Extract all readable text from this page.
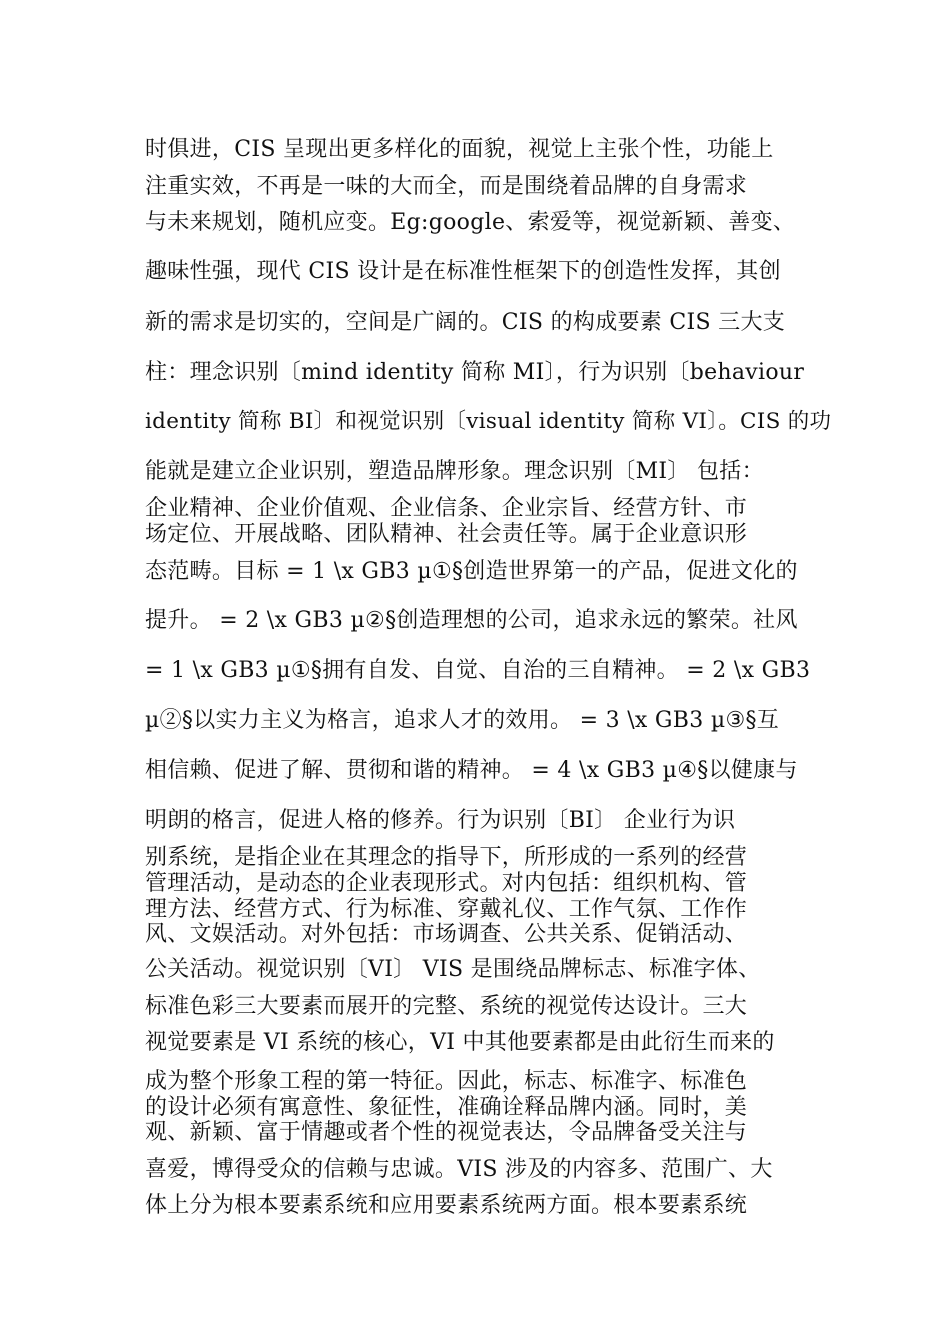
时俱进，CIS 呈现出更多样化的面貌，视觉上主张个性，功能上
注重实效，不再是一味的大而全，而是围绕着品牌的自身需求
与未来规划，随机应变。Eg:google、索爱等，视觉新颖、善变、
趣味性强，现代 CIS 设计是在标准性框架下的创造性发挥，其创
新的需求是切实的，空间是广阔的。CIS 的构成要素 CIS 三大支
柱：理念识别〔mind identity 简称 MI〕，行为识别〔behaviour
identity 简称 BI〕和视觉识别〔visual identity 简称 VI〕。CIS 的功
能就是建立企业识别，塑造品牌形象。理念识别〔MI〕 包括：
企业精神、企业价值观、企业信条、企业宗旨、经营方针、市
场定位、开展战略、团队精神、社会责任等。属于企业意识形
态范畴。目标 = 1 \x GB3 µ①§创造世界第一的产品，促进文化的
提升。 = 2 \x GB3 µ②§创造理想的公司，追求永远的繁荣。社风
= 1 \x GB3 µ①§拥有自发、自觉、自治的三自精神。 = 2 \x GB3
µ②§以实力主义为格言，追求人才的效用。 = 3 \x GB3 µ③§互
相信赖、促进了解、贯彻和谐的精神。 = 4 \x GB3 µ④§以健康与
明朗的格言，促进人格的修养。行为识别〔BI〕 企业行为识
别系统，是指企业在其理念的指导下，所形成的一系列的经营
管理活动，是动态的企业表现形式。对内包括：组织机构、管
理方法、经营方式、行为标准、穿戴礼仪、工作气氛、工作作
风、文娱活动。对外包括：市场调查、公共关系、促销活动、
公关活动。视觉识别〔VI〕 VIS 是围绕品牌标志、标准字体、
标准色彩三大要素而展开的完整、系统的视觉传达设计。三大
视觉要素是 VI 系统的核心，VI 中其他要素都是由此衍生而来的
成为整个形象工程的第一特征。因此，标志、标准字、标准色
的设计必须有寓意性、象征性，准确诠释品牌内涵。同时，美
观、新颖、富于情趣或者个性的视觉表达，令品牌备受关注与
喜爱，博得受众的信赖与忠诚。VIS 涉及的内容多、范围广、大
体上分为根本要素系统和应用要素系统两方面。根本要素系统
